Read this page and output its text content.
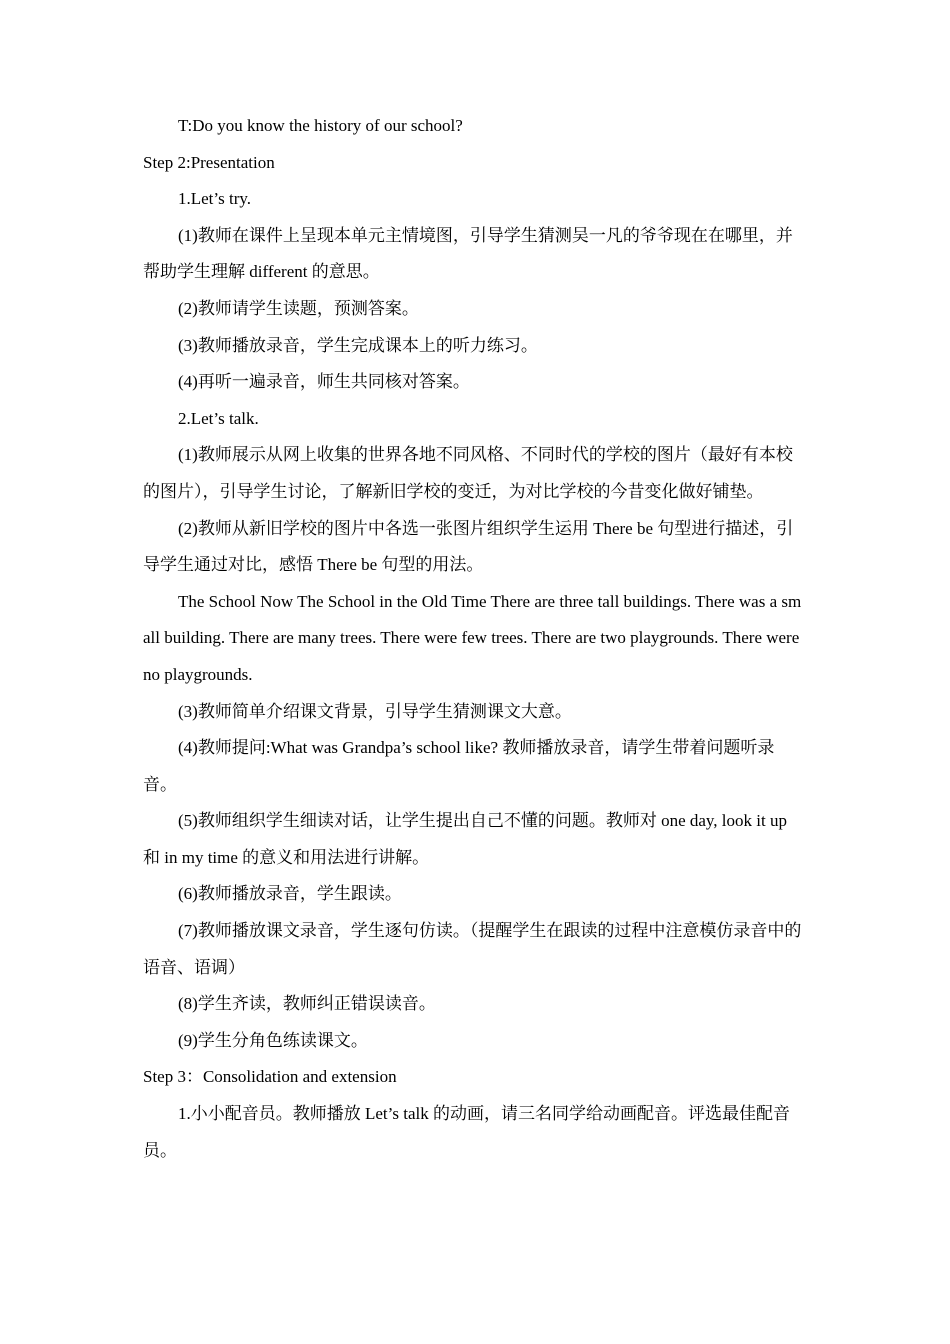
T:Do you know the history of our school?

Step 2:Presentation

1.Let’s try.

(1)教师在课件上呈现本单元主情境图，引导学生猜测吴一凡的爷爷现在在哪里，并帮助学生理解 different 的意思。

(2)教师请学生读题，预测答案。

(3)教师播放录音，学生完成课本上的听力练习。

(4)再听一遍录音，师生共同核对答案。

2.Let’s talk.

(1)教师展示从网上收集的世界各地不同风格、不同时代的学校的图片（最好有本校的图片），引导学生讨论，了解新旧学校的变迁，为对比学校的今昔变化做好铺垫。

(2)教师从新旧学校的图片中各选一张图片组织学生运用 There be 句型进行描述，引导学生通过对比，感悟 There be 句型的用法。

The School Now The School in the Old Time There are three tall buildings. There was a small building. There are many trees. There were few trees. There are two playgrounds. There were no playgrounds.

(3)教师简单介绍课文背景，引导学生猜测课文大意。

(4)教师提问:What was Grandpa’s school like? 教师播放录音，请学生带着问题听录音。

(5)教师组织学生细读对话，让学生提出自己不懂的问题。教师对 one day, look it up 和 in my time 的意义和用法进行讲解。

(6)教师播放录音，学生跟读。

(7)教师播放课文录音，学生逐句仿读。（提醒学生在跟读的过程中注意模仿录音中的语音、语调）

(8)学生齐读，教师纠正错误读音。

(9)学生分角色练读课文。

Step 3：Consolidation and extension

1.小小配音员。教师播放 Let’s talk 的动画，请三名同学给动画配音。评选最佳配音员。
